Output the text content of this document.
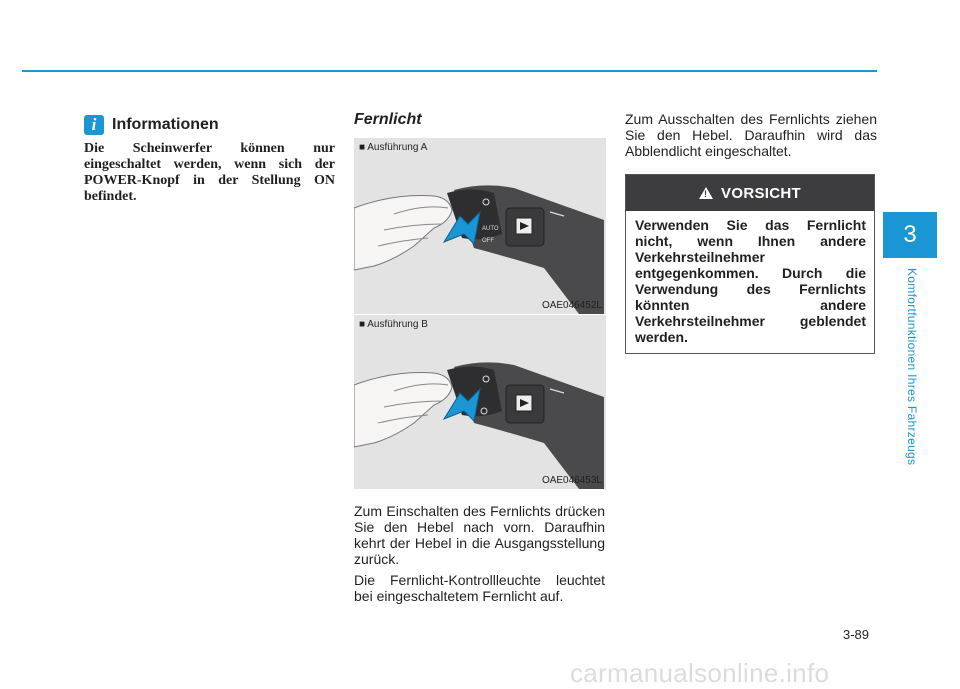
i Informationen
Die Scheinwerfer können nur eingeschaltet werden, wenn sich der POWER-Knopf in der Stellung ON befindet.
Fernlicht
AUTO
OFF
■ Ausführung A
OAE046452L
■ Ausführung B
OAE046453L
Zum Einschalten des Fernlichts drücken Sie den Hebel nach vorn. Daraufhin kehrt der Hebel in die Ausgangsstellung zurück.
Die Fernlicht-Kontrollleuchte leuchtet bei eingeschaltetem Fernlicht auf.
Zum Ausschalten des Fernlichts ziehen Sie den Hebel. Daraufhin wird das Abblendlicht eingeschaltet.
! VORSICHT
Verwenden Sie das Fernlicht nicht, wenn Ihnen andere Verkehrsteilnehmer entgegenkommen. Durch die Verwendung des Fernlichts könnten andere Verkehrsteilnehmer geblendet werden.
3
Komfortfunktionen Ihres Fahrzeugs
3-89
carmanualsonline.info
